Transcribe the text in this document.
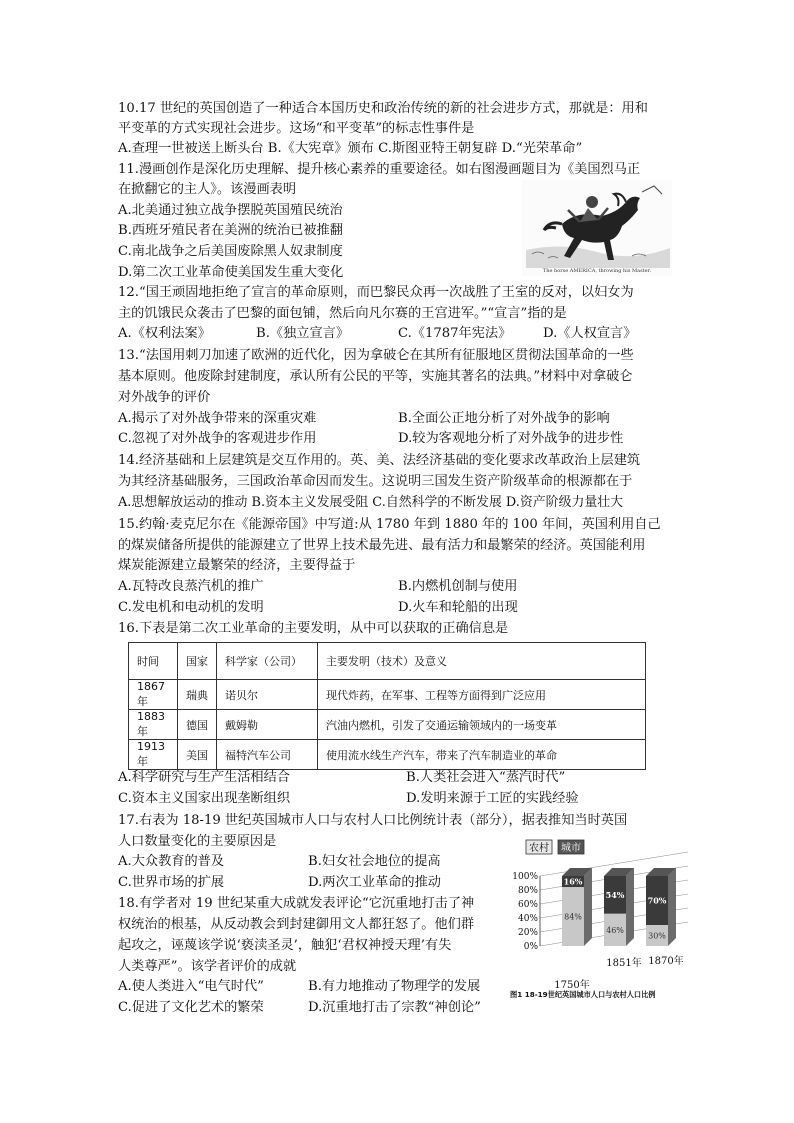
10.17 世纪的英国创造了一种适合本国历史和政治传统的新的社会进步方式，那就是：用和
平变革的方式实现社会进步。这场“和平变革”的标志性事件是
A.查理一世被送上断头台 B.《大宪章》颁布 C.斯图亚特王朝复辟 D.“光荣革命”
11.漫画创作是深化历史理解、提升核心素养的重要途径。如右图漫画题目为《美国烈马正
在掀翻它的主人》。该漫画表明
A.北美通过独立战争摆脱英国殖民统治
B.西班牙殖民者在美洲的统治已被推翻
C.南北战争之后美国废除黑人奴隶制度
D.第二次工业革命使美国发生重大变化	The horse AMERICA, throwing his Master.
12.“国王顽固地拒绝了宣言的革命原则，而巴黎民众再一次战胜了王室的反对，以妇女为
主的饥饿民众袭击了巴黎的面包铺，然后向凡尔赛的王宫进军。”“宣言”指的是
A.《权利法案》	B.《独立宣言》	C.《1787年宪法》 D.《人权宣言》
13.“法国用刺刀加速了欧洲的近代化，因为拿破仑在其所有征服地区贯彻法国革命的一些
基本原则。他废除封建制度，承认所有公民的平等，实施其著名的法典。”材料中对拿破仑
对外战争的评价
A.揭示了对外战争带来的深重灾难	B.全面公正地分析了对外战争的影响
C.忽视了对外战争的客观进步作用	D.较为客观地分析了对外战争的进步性
14.经济基础和上层建筑是交互作用的。英、美、法经济基础的变化要求改革政治上层建筑
为其经济基础服务，三国政治革命因而发生。这说明三国发生资产阶级革命的根源都在于
A.思想解放运动的推动 B.资本主义发展受阻 C.自然科学的不断发展 D.资产阶级力量壮大
15.约翰·麦克尼尔在《能源帝国》中写道:从 1780 年到 1880 年的 100 年间，英国利用自己
的煤炭储备所提供的能源建立了世界上技术最先进、最有活力和最繁荣的经济。英国能利用
煤炭能源建立最繁荣的经济，主要得益于
A.瓦特改良蒸汽机的推广	B.内燃机创制与使用
C.发电机和电动机的发明	D.火车和轮船的出现
16.下表是第二次工业革命的主要发明，从中可以获取的正确信息是
时间	国家	科学家（公司）	主要发明（技术）及意义
1867 年	瑞典	诺贝尔	现代炸药，在军事、工程等方面得到广泛应用
1883 年	德国	戴姆勒	汽油内燃机，引发了交通运输领域内的一场变革
1913 年	美国	福特汽车公司	使用流水线生产汽车，带来了汽车制造业的革命
A.科学研究与生产生活相结合	B.人类社会进入“蒸汽时代”
C.资本主义国家出现垄断组织	D.发明来源于工匠的实践经验
17.右表为 18-19 世纪英国城市人口与农村人口比例统计表（部分），据表推知当时英国
人口数量变化的主要原因是
A.大众教育的普及	B.妇女社会地位的提高
C.世界市场的扩展	D.两次工业革命的推动
18.有学者对 19 世纪某重大成就发表评论“它沉重地打击了神
权统治的根基，从反动教会到封建御用文人都狂怒了。他们群
起攻之，诬蔑该学说‘亵渎圣灵’，触犯‘君权神授天理’有失
人类尊严”。该学者评价的成就
A.使人类进入“电气时代”	B.有力地推动了物理学的发展
C.促进了文化艺术的繁荣	D.沉重地打击了宗教“神创论”
农村 城市
100%
80%
60%
40%
20%
0%
16%
84%
54%
46%
70%
30%
1750年
1851年 1870年
图1 18-19世纪英国城市人口与农村人口比例
